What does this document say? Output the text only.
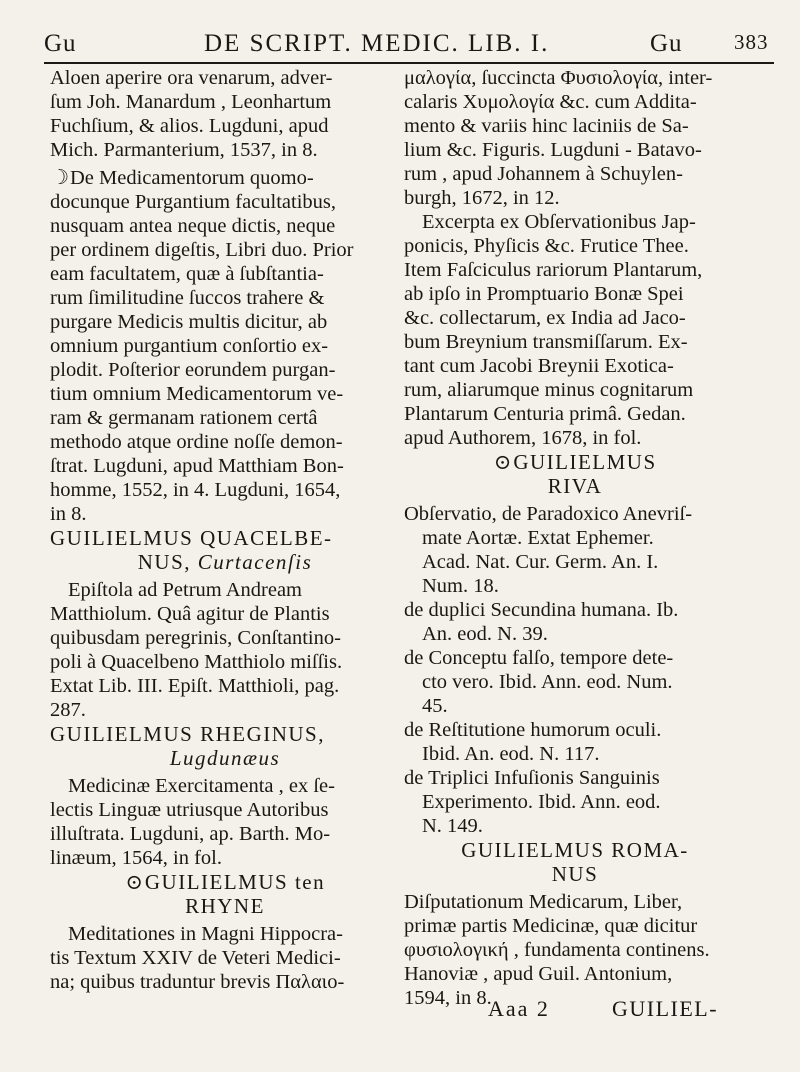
Gu	DE SCRIPT. MEDIC. LIB. I.	Gu 383
Aloen aperire ora venarum, adver-
ſum Joh. Manardum , Leonhartum
Fuchſium, & alios. Lugduni, apud
Mich. Parmanterium, 1537, in 8.
☽De Medicamentorum quomo-
docunque Purgantium facultatibus,
nusquam antea neque dictis, neque
per ordinem digeſtis, Libri duo. Prior
eam facultatem, quæ à ſubſtantia-
rum ſimilitudine ſuccos trahere &
purgare Medicis multis dicitur, ab
omnium purgantium conſortio ex-
plodit. Poſterior eorundem purgan-
tium omnium Medicamentorum ve-
ram & germanam rationem certâ
methodo atque ordine noſſe demon-
ſtrat. Lugduni, apud Matthiam Bon-
homme, 1552, in 4. Lugduni, 1654,
in 8.
GUILIELMUS QUACELBE-
NUS, Curtacenſis
Epiſtola ad Petrum Andream
Matthiolum. Quâ agitur de Plantis
quibusdam peregrinis, Conſtantino-
poli à Quacelbeno Matthiolo miſſis.
Extat Lib. III. Epiſt. Matthioli, pag.
287.
GUILIELMUS RHEGINUS,
Lugdunæus
Medicinæ Exercitamenta , ex ſe-
lectis Linguæ utriusque Autoribus
illuſtrata. Lugduni, ap. Barth. Mo-
linæum, 1564, in fol.
⊙GUILIELMUS ten
RHYNE
Meditationes in Magni Hippocra-
tis Textum XXIV de Veteri Medici-
na; quibus traduntur brevis Παλαιο-
μαλογία, ſuccincta Φυσιολογία, inter-
calaris Χυμολογία &c. cum Additа-
mento & variis hinc laciniis de Sa-
lium &c. Figuris. Lugduni - Batavo-
rum , apud Johannem à Schuylen-
burgh, 1672, in 12.
Excerpta ex Obſervationibus Jap-
ponicis, Phyſicis &c. Frutice Thee.
Item Faſciculus rariorum Plantarum,
ab ipſo in Promptuario Bonæ Spei
&c. collectarum, ex India ad Jaco-
bum Breynium transmiſſarum. Ex-
tant cum Jacobi Breynii Exotica-
rum, aliarumque minus cognitarum
Plantarum Centuria primâ. Gedan.
apud Authorem, 1678, in fol.
⊙GUILIELMUS
RIVA
Obſervatio, de Paradoxico Anevriſ-
mate Aortæ. Extat Ephemer.
Acad. Nat. Cur. Germ. An. I.
Num. 18.
de duplici Secundina humana. Ib.
An. eod. N. 39.
de Conceptu falſo, tempore dete-
cto vero. Ibid. Ann. eod. Num.
45.
de Reſtitutione humorum oculi.
Ibid. An. eod. N. 117.
de Triplici Infuſionis Sanguinis
Experimento. Ibid. Ann. eod.
N. 149.
GUILIELMUS ROMA-
NUS
Diſputationum Medicarum, Liber,
primæ partis Medicinæ, quæ dicitur
φυσιολογική , fundamenta continens.
Hanoviæ , apud Guil. Antonium,
1594, in 8.
Aaa 2	GUILIEL-
